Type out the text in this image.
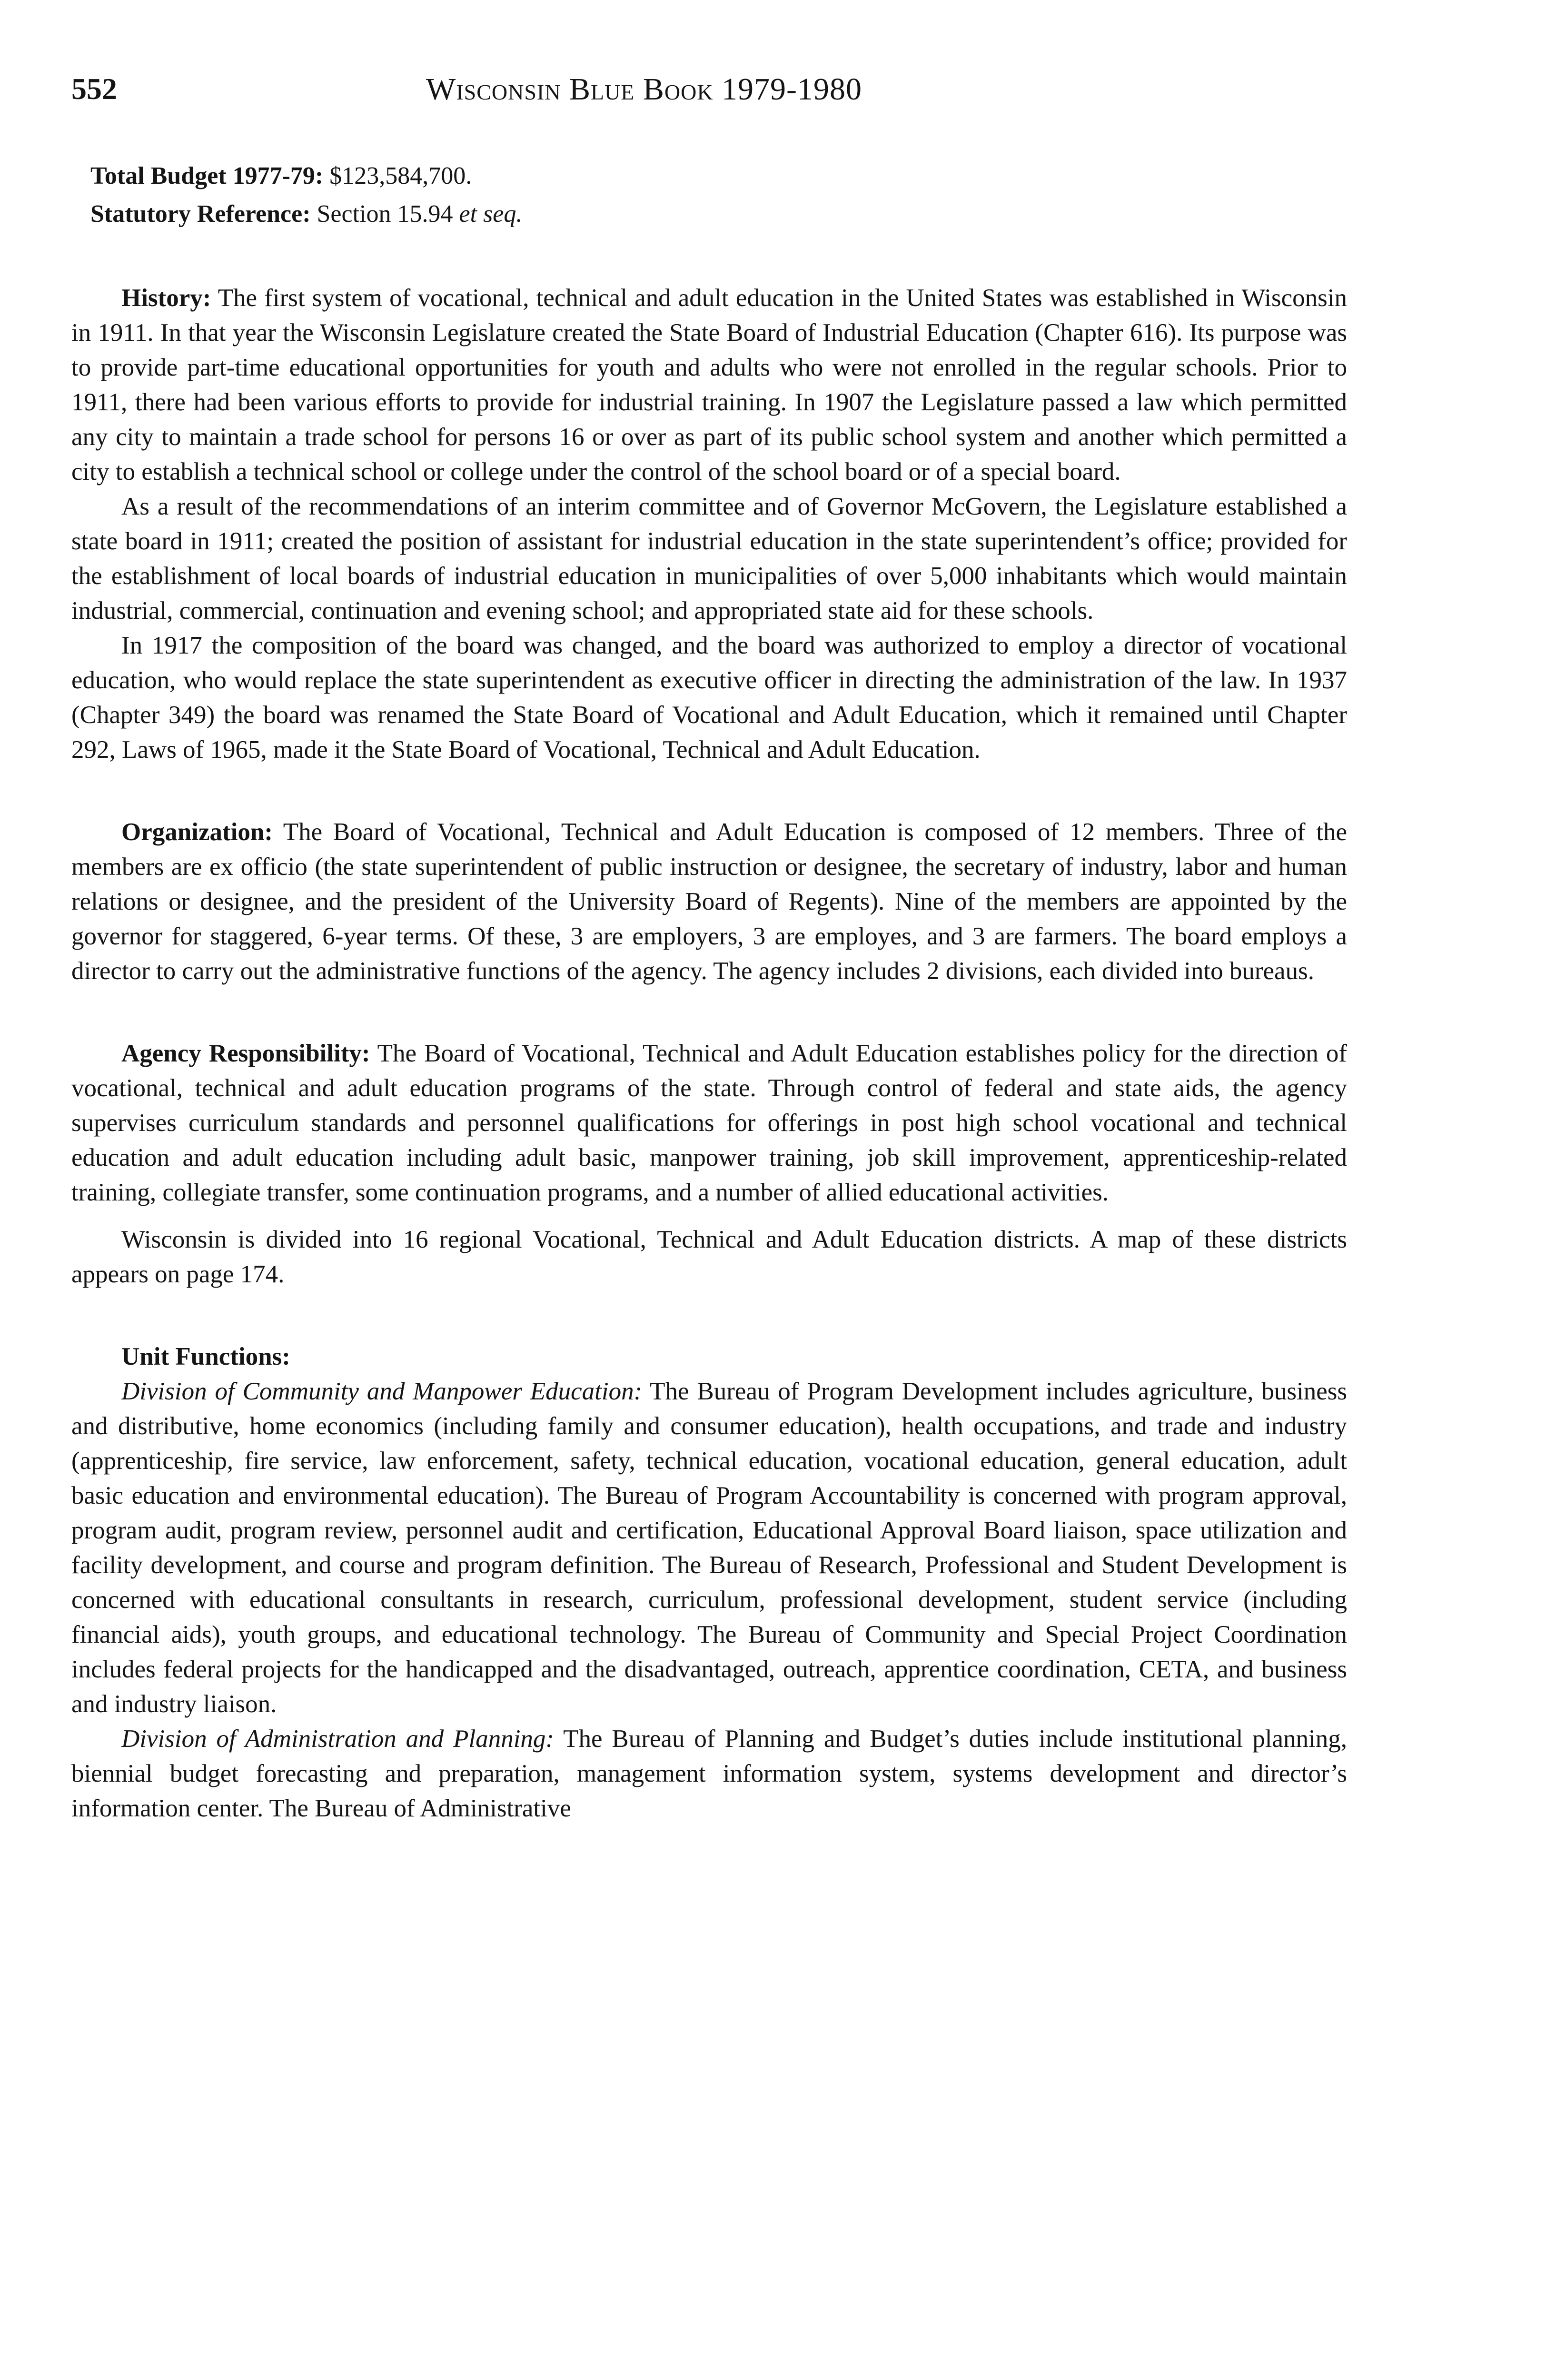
552	Wisconsin Blue Book 1979-1980

Total Budget 1977-79: $123,584,700.

Statutory Reference: Section 15.94 et seq.

History: The first system of vocational, technical and adult education in the United States was established in Wisconsin in 1911. In that year the Wisconsin Legislature created the State Board of Industrial Education (Chapter 616). Its purpose was to provide part-time educational opportunities for youth and adults who were not enrolled in the regular schools. Prior to 1911, there had been various efforts to provide for industrial training. In 1907 the Legislature passed a law which permitted any city to maintain a trade school for persons 16 or over as part of its public school system and another which permitted a city to establish a technical school or college under the control of the school board or of a special board.

As a result of the recommendations of an interim committee and of Governor McGovern, the Legislature established a state board in 1911; created the position of assistant for industrial education in the state superintendent’s office; provided for the establishment of local boards of industrial education in municipalities of over 5,000 inhabitants which would maintain industrial, commercial, continuation and evening school; and appropriated state aid for these schools.

In 1917 the composition of the board was changed, and the board was authorized to employ a director of vocational education, who would replace the state superintendent as executive officer in directing the administration of the law. In 1937 (Chapter 349) the board was renamed the State Board of Vocational and Adult Education, which it remained until Chapter 292, Laws of 1965, made it the State Board of Vocational, Technical and Adult Education.

Organization: The Board of Vocational, Technical and Adult Education is composed of 12 members. Three of the members are ex officio (the state superintendent of public instruction or designee, the secretary of industry, labor and human relations or designee, and the president of the University Board of Regents). Nine of the members are appointed by the governor for staggered, 6-year terms. Of these, 3 are employers, 3 are employes, and 3 are farmers. The board employs a director to carry out the administrative functions of the agency. The agency includes 2 divisions, each divided into bureaus.

Agency Responsibility: The Board of Vocational, Technical and Adult Education establishes policy for the direction of vocational, technical and adult education programs of the state. Through control of federal and state aids, the agency supervises curriculum standards and personnel qualifications for offerings in post high school vocational and technical education and adult education including adult basic, manpower training, job skill improvement, apprenticeship-related training, collegiate transfer, some continuation programs, and a number of allied educational activities.

Wisconsin is divided into 16 regional Vocational, Technical and Adult Education districts. A map of these districts appears on page 174.

Unit Functions:

Division of Community and Manpower Education: The Bureau of Program Development includes agriculture, business and distributive, home economics (including family and consumer education), health occupations, and trade and industry (apprenticeship, fire service, law enforcement, safety, technical education, vocational education, general education, adult basic education and environmental education). The Bureau of Program Accountability is concerned with program approval, program audit, program review, personnel audit and certification, Educational Approval Board liaison, space utilization and facility development, and course and program definition. The Bureau of Research, Professional and Student Development is concerned with educational consultants in research, curriculum, professional development, student service (including financial aids), youth groups, and educational technology. The Bureau of Community and Special Project Coordination includes federal projects for the handicapped and the disadvantaged, outreach, apprentice coordination, CETA, and business and industry liaison.

Division of Administration and Planning: The Bureau of Planning and Budget’s duties include institutional planning, biennial budget forecasting and preparation, management information system, systems development and director’s information center. The Bureau of Administrative
